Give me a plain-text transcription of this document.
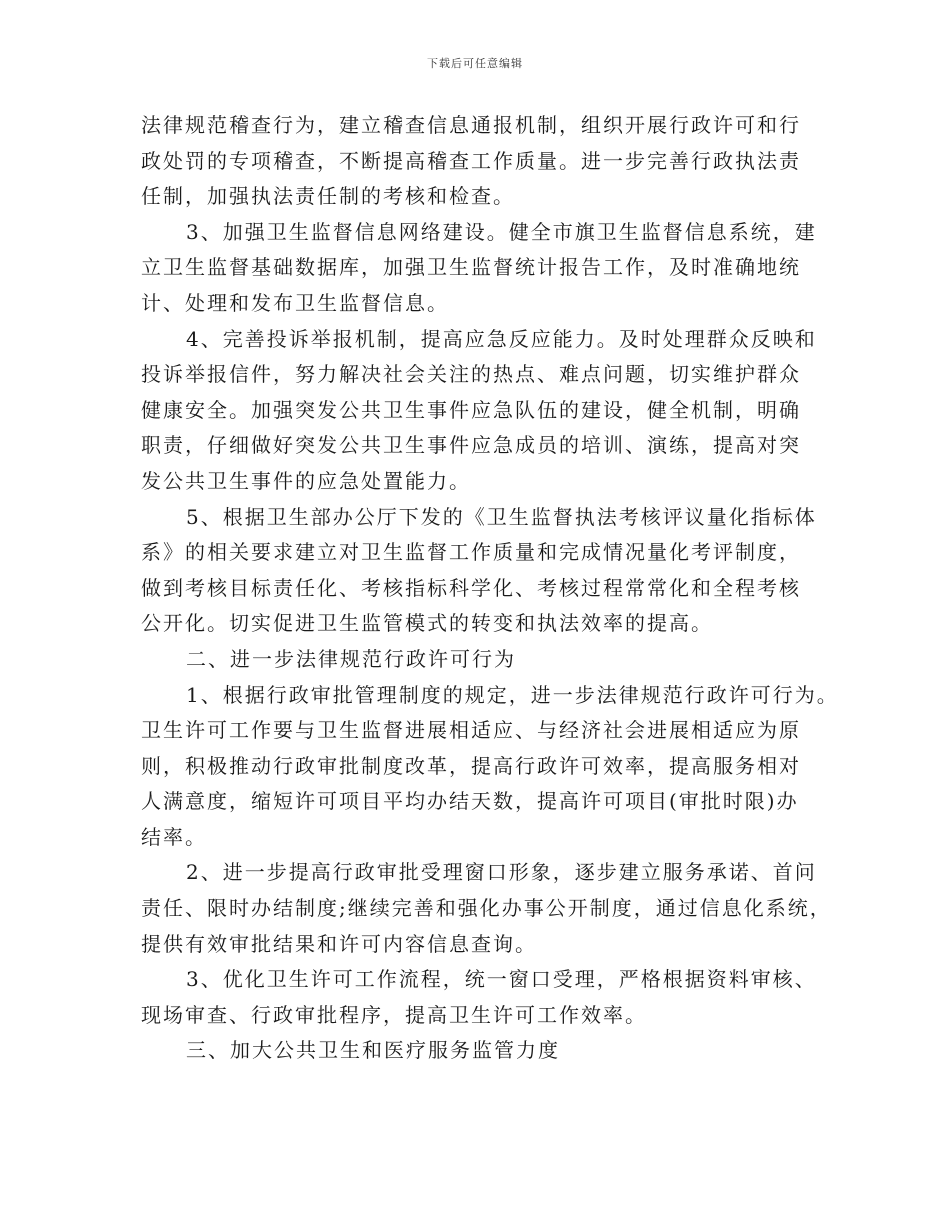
下载后可任意编辑
法律规范稽查行为，建立稽查信息通报机制，组织开展行政许可和行
政处罚的专项稽查，不断提高稽查工作质量。进一步完善行政执法责
任制，加强执法责任制的考核和检查。
3、加强卫生监督信息网络建设。健全市旗卫生监督信息系统，建
立卫生监督基础数据库，加强卫生监督统计报告工作，及时准确地统
计、处理和发布卫生监督信息。
4、完善投诉举报机制，提高应急反应能力。及时处理群众反映和
投诉举报信件，努力解决社会关注的热点、难点问题，切实维护群众
健康安全。加强突发公共卫生事件应急队伍的建设，健全机制，明确
职责，仔细做好突发公共卫生事件应急成员的培训、演练，提高对突
发公共卫生事件的应急处置能力。
5、根据卫生部办公厅下发的《卫生监督执法考核评议量化指标体
系》的相关要求建立对卫生监督工作质量和完成情况量化考评制度，
做到考核目标责任化、考核指标科学化、考核过程常常化和全程考核
公开化。切实促进卫生监管模式的转变和执法效率的提高。
二、进一步法律规范行政许可行为
1、根据行政审批管理制度的规定，进一步法律规范行政许可行为。
卫生许可工作要与卫生监督进展相适应、与经济社会进展相适应为原
则，积极推动行政审批制度改革，提高行政许可效率，提高服务相对
人满意度，缩短许可项目平均办结天数，提高许可项目(审批时限)办
结率。
2、进一步提高行政审批受理窗口形象，逐步建立服务承诺、首问
责任、限时办结制度;继续完善和强化办事公开制度，通过信息化系统，
提供有效审批结果和许可内容信息查询。
3、优化卫生许可工作流程，统一窗口受理，严格根据资料审核、
现场审查、行政审批程序，提高卫生许可工作效率。
三、加大公共卫生和医疗服务监管力度
